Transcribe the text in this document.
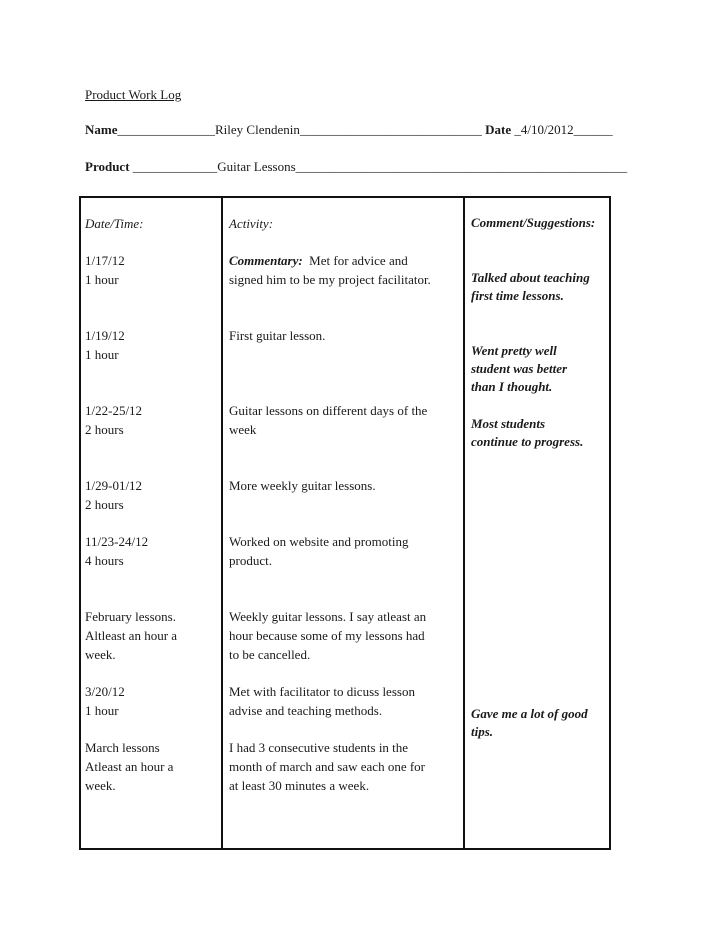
Product Work Log
Name_______________Riley Clendenin____________________________ Date _4/10/2012______
Product _____________Guitar Lessons___________________________________________________
Date/Time:	Activity:	Comment/Suggestions:
1/17/12
1 hour
Commentary: Met for advice and
signed him to be my project facilitator.
1/19/12
1 hour
First guitar lesson.
1/22-25/12
2 hours
Guitar lessons on different days of the
week
1/29-01/12
2 hours
More weekly guitar lessons.
11/23-24/12
4 hours
Worked on website and promoting
product.
February lessons.
Altleast an hour a
week.
Weekly guitar lessons. I say atleast an
hour because some of my lessons had
to be cancelled.
3/20/12
1 hour
Met with facilitator to dicuss lesson
advise and teaching methods.
March lessons
Atleast an hour a
week.
I had 3 consecutive students in the
month of march and saw each one for
at least 30 minutes a week.
Talked about teaching
first time lessons.
Went pretty well
student was better
than I thought.
Most students
continue to progress.
Gave me a lot of good
tips.
